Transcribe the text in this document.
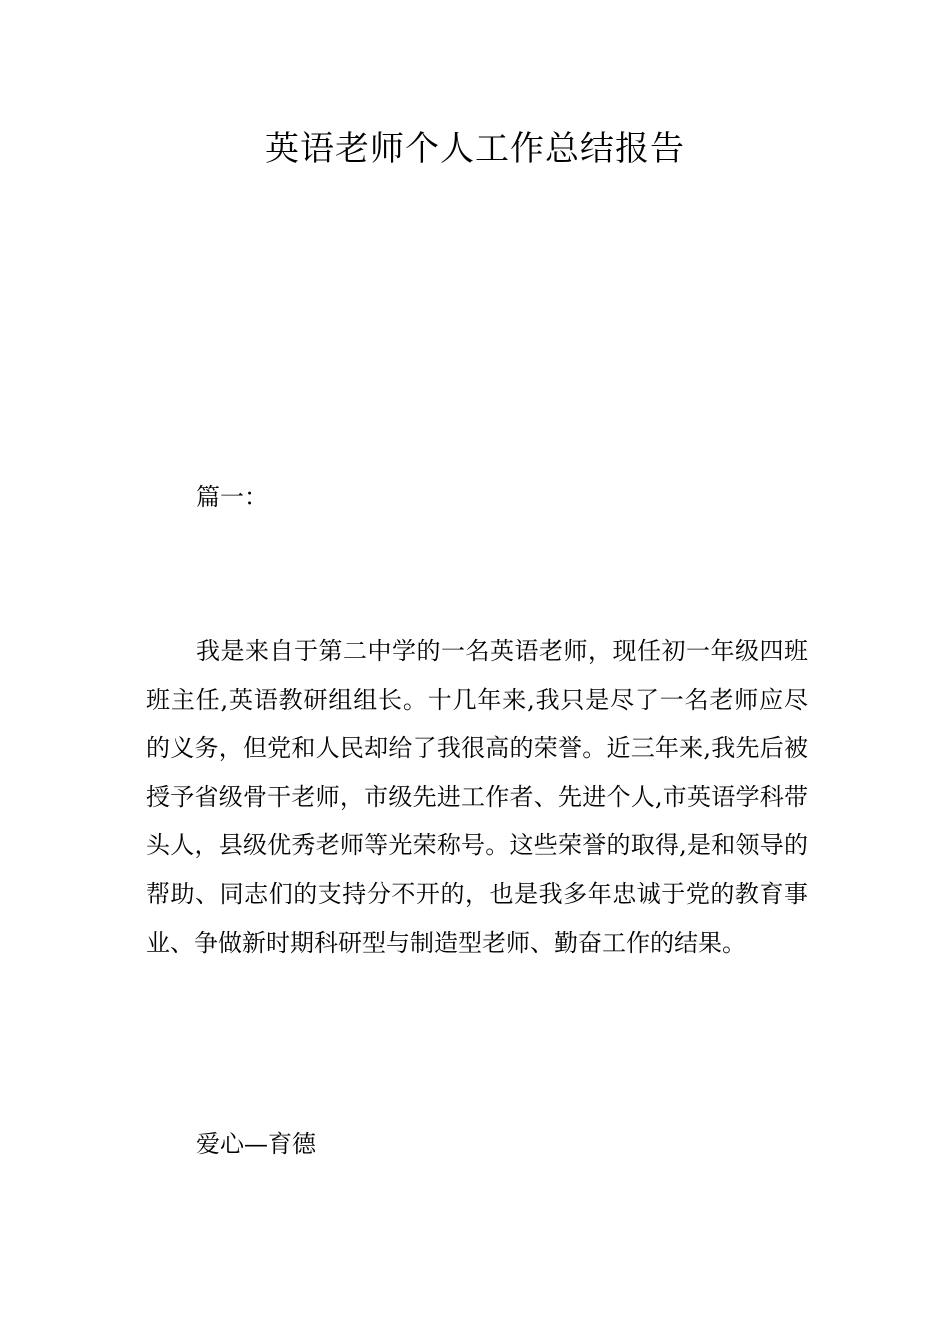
英语老师个人工作总结报告
篇一：

我是来自于第二中学的一名英语老师，现任初一年级四班班主任,英语教研组组长。十几年来,我只是尽了一名老师应尽的义务，但党和人民却给了我很高的荣誉。近三年来,我先后被授予省级骨干老师，市级先进工作者、先进个人,市英语学科带头人，县级优秀老师等光荣称号。这些荣誉的取得,是和领导的帮助、同志们的支持分不开的，也是我多年忠诚于党的教育事业、争做新时期科研型与制造型老师、勤奋工作的结果。

爱心—育德
